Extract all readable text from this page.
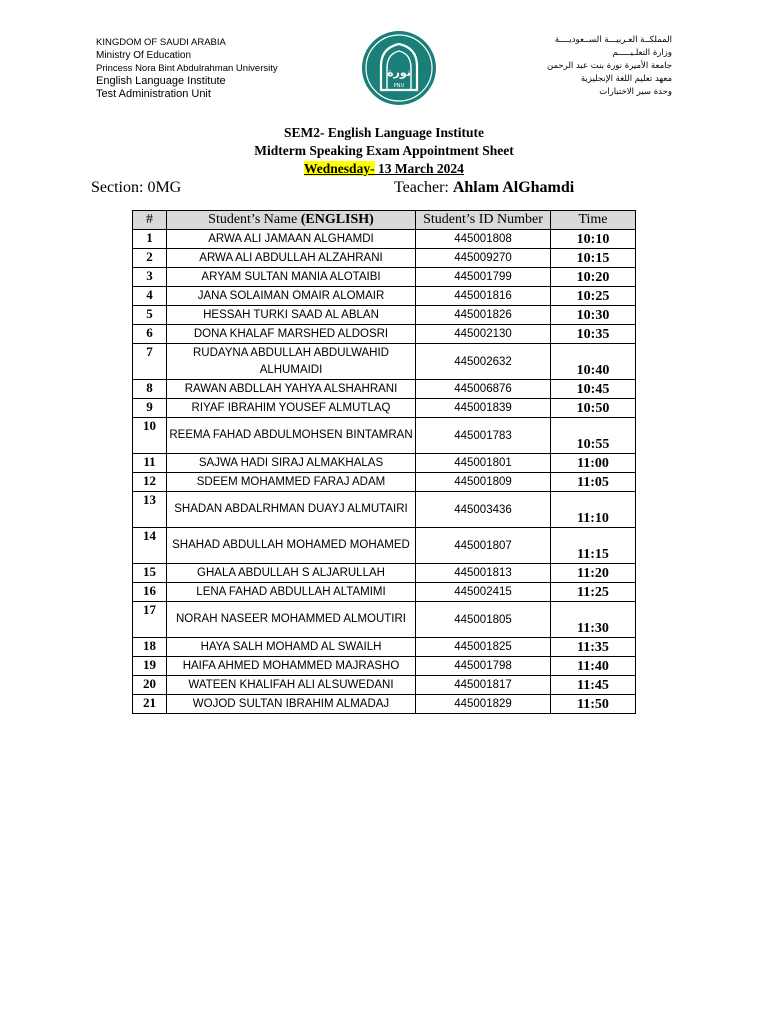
KINGDOM OF SAUDI ARABIA
Ministry Of Education
Princess Nora Bint Abdulrahman University
English Language Institute
Test Administration Unit
نورة
PNU
المملكــة العـربيـــة الســعوديــــة
وزارة التعلـيـــــم
جامعة الأميرة نورة بنت عبد الرحمن
معهد تعليم اللغة الإنجليزية
وحدة سير الاختبارات
SEM2- English Language Institute
Midterm Speaking Exam Appointment Sheet
Wednesday- 13 March 2024
Section: 0MG	Teacher: Ahlam AlGhamdi
#	Student’s Name (ENGLISH)	Student’s ID Number	Time
1	ARWA ALI JAMAAN ALGHAMDI	445001808	10:10
2	ARWA ALI ABDULLAH ALZAHRANI	445009270	10:15
3	ARYAM SULTAN MANIA ALOTAIBI	445001799	10:20
4	JANA SOLAIMAN OMAIR ALOMAIR	445001816	10:25
5	HESSAH TURKI SAAD AL ABLAN	445001826	10:30
6	DONA KHALAF MARSHED ALDOSRI	445002130	10:35
7	RUDAYNA ABDULLAH ABDULWAHID ALHUMAIDI	445002632	10:40
8	RAWAN ABDLLAH YAHYA ALSHAHRANI	445006876	10:45
9	RIYAF IBRAHIM YOUSEF ALMUTLAQ	445001839	10:50
10	REEMA FAHAD ABDULMOHSEN BINTAMRAN	445001783	10:55
11	SAJWA HADI SIRAJ ALMAKHALAS	445001801	11:00
12	SDEEM MOHAMMED FARAJ ADAM	445001809	11:05
13	SHADAN ABDALRHMAN DUAYJ ALMUTAIRI	445003436	11:10
14	SHAHAD ABDULLAH MOHAMED MOHAMED	445001807	11:15
15	GHALA ABDULLAH S ALJARULLAH	445001813	11:20
16	LENA FAHAD ABDULLAH ALTAMIMI	445002415	11:25
17	NORAH NASEER MOHAMMED ALMOUTIRI	445001805	11:30
18	HAYA SALH MOHAMD AL SWAILH	445001825	11:35
19	HAIFA AHMED MOHAMMED MAJRASHO	445001798	11:40
20	WATEEN KHALIFAH ALI ALSUWEDANI	445001817	11:45
21	WOJOD SULTAN IBRAHIM ALMADAJ	445001829	11:50
